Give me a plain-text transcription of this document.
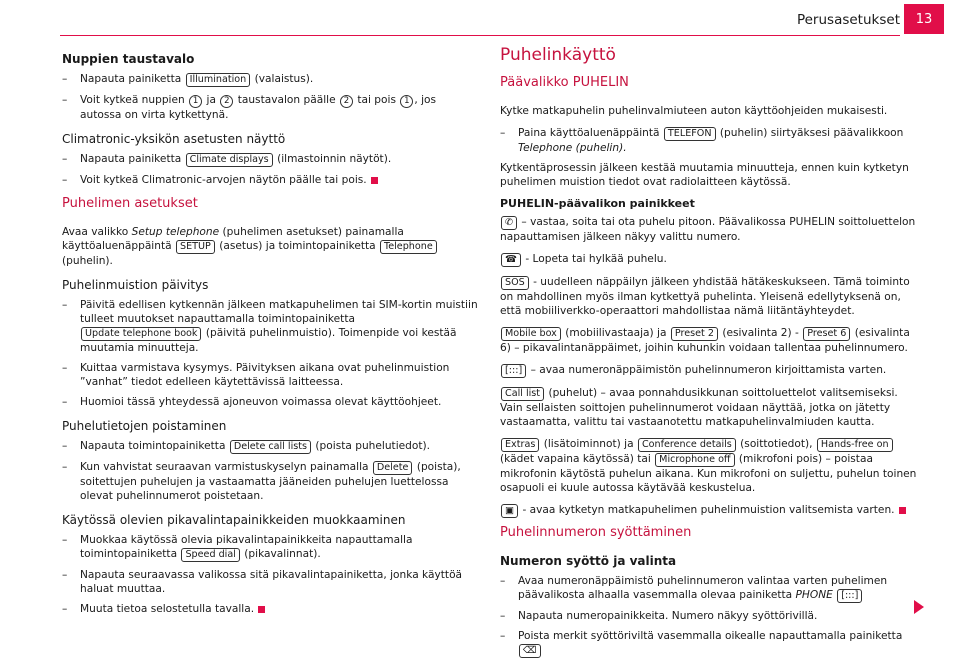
Perusasetukset	13
Nuppien taustavalo
– Napauta painiketta Illumination (valaistus).
– Voit kytkeä nuppien 1 ja 2 taustavalon päälle 2 tai pois 1 , jos autossa on virta kytkettynä.
Climatronic-yksikön asetusten näyttö
– Napauta painiketta Climate displays (ilmastoinnin näytöt).
– Voit kytkeä Climatronic-arvojen näytön päälle tai pois.
Puhelimen asetukset
Avaa valikko Setup telephone (puhelimen asetukset) painamalla käyttöaluenäppäintä SETUP (asetus) ja toimintopainiketta Telephone (puhelin).
Puhelinmuistion päivitys
– Päivitä edellisen kytkennän jälkeen matkapuhelimen tai SIM-kortin muistiin tulleet muutokset napauttamalla toimintopainiketta Update telephone book (päivitä puhelinmuistio). Toimenpide voi kestää muutamia minuutteja.
– Kuittaa varmistava kysymys. Päivityksen aikana ovat puhelinmuistion ”vanhat” tiedot edelleen käytettävissä laitteessa.
– Huomioi tässä yhteydessä ajoneuvon voimassa olevat käyttöohjeet.
Puhelutietojen poistaminen
– Napauta toimintopainiketta Delete call lists (poista puhelutiedot).
– Kun vahvistat seuraavan varmistuskyselyn painamalla Delete (poista), soitettujen puhelujen ja vastaamatta jääneiden puhelujen luettelossa olevat puhelinnumerot poistetaan.
Käytössä olevien pikavalintapainikkeiden muokkaaminen
– Muokkaa käytössä olevia pikavalintapainikkeita napauttamalla toimintopainiketta Speed dial (pikavalinnat).
– Napauta seuraavassa valikossa sitä pikavalintapainiketta, jonka käyttöä haluat muuttaa.
– Muuta tietoa selostetulla tavalla.
Puhelinkäyttö
Päävalikko PUHELIN
Kytke matkapuhelin puhelinvalmiuteen auton käyttöohjeiden mukaisesti.
– Paina käyttöaluenäppäintä TELEFON (puhelin) siirtyäksesi päävalikkoon Telephone (puhelin).
Kytkentäprosessin jälkeen kestää muutamia minuutteja, ennen kuin kytketyn puhelimen muistion tiedot ovat radiolaitteen käytössä.
PUHELIN-päävalikon painikkeet
✆ – vastaa, soita tai ota puhelu pitoon. Päävalikossa PUHELIN soittoluettelon napauttamisen jälkeen näkyy valittu numero.
☎ - Lopeta tai hylkää puhelu.
SOS - uudelleen näppäilyn jälkeen yhdistää hätäkeskukseen. Tämä toiminto on mahdollinen myös ilman kytkettyä puhelinta. Yleisenä edellytyksenä on, että mobiiliverkko-operaattori mahdollistaa nämä liitäntäyhteydet.
Mobile box (mobiilivastaaja) ja Preset 2 (esivalinta 2) - Preset 6 (esivalinta 6) – pikavalintanäppäimet, joihin kuhunkin voidaan tallentaa puhelinnumero.
[:::] – avaa numeronäppäimistön puhelinnumeron kirjoittamista varten.
Call list (puhelut) – avaa ponnahdusikkunan soittoluettelot valitsemiseksi. Vain sellaisten soittojen puhelinnumerot voidaan näyttää, jotka on jätetty vastaamatta, valittu tai vastaanotettu matkapuhelinvalmiuden kautta.
Extras (lisätoiminnot) ja Conference details (soittotiedot), Hands-free on (kädet vapaina käytössä) tai Microphone off (mikrofoni pois) – poistaa mikrofonin käytöstä puhelun aikana. Kun mikrofoni on suljettu, puhelun toinen osapuoli ei kuule autossa käytävää keskustelua.
▣ - avaa kytketyn matkapuhelimen puhelinmuistion valitsemista varten.
Puhelinnumeron syöttäminen
Numeron syöttö ja valinta
– Avaa numeronäppäimistö puhelinnumeron valintaa varten puhelimen päävalikosta alhaalla vasemmalla olevaa painiketta PHONE [:::]
– Napauta numeropainikkeita. Numero näkyy syöttörivillä.
– Poista merkit syöttöriviltä vasemmalla oikealle napauttamalla painiketta ⌫
